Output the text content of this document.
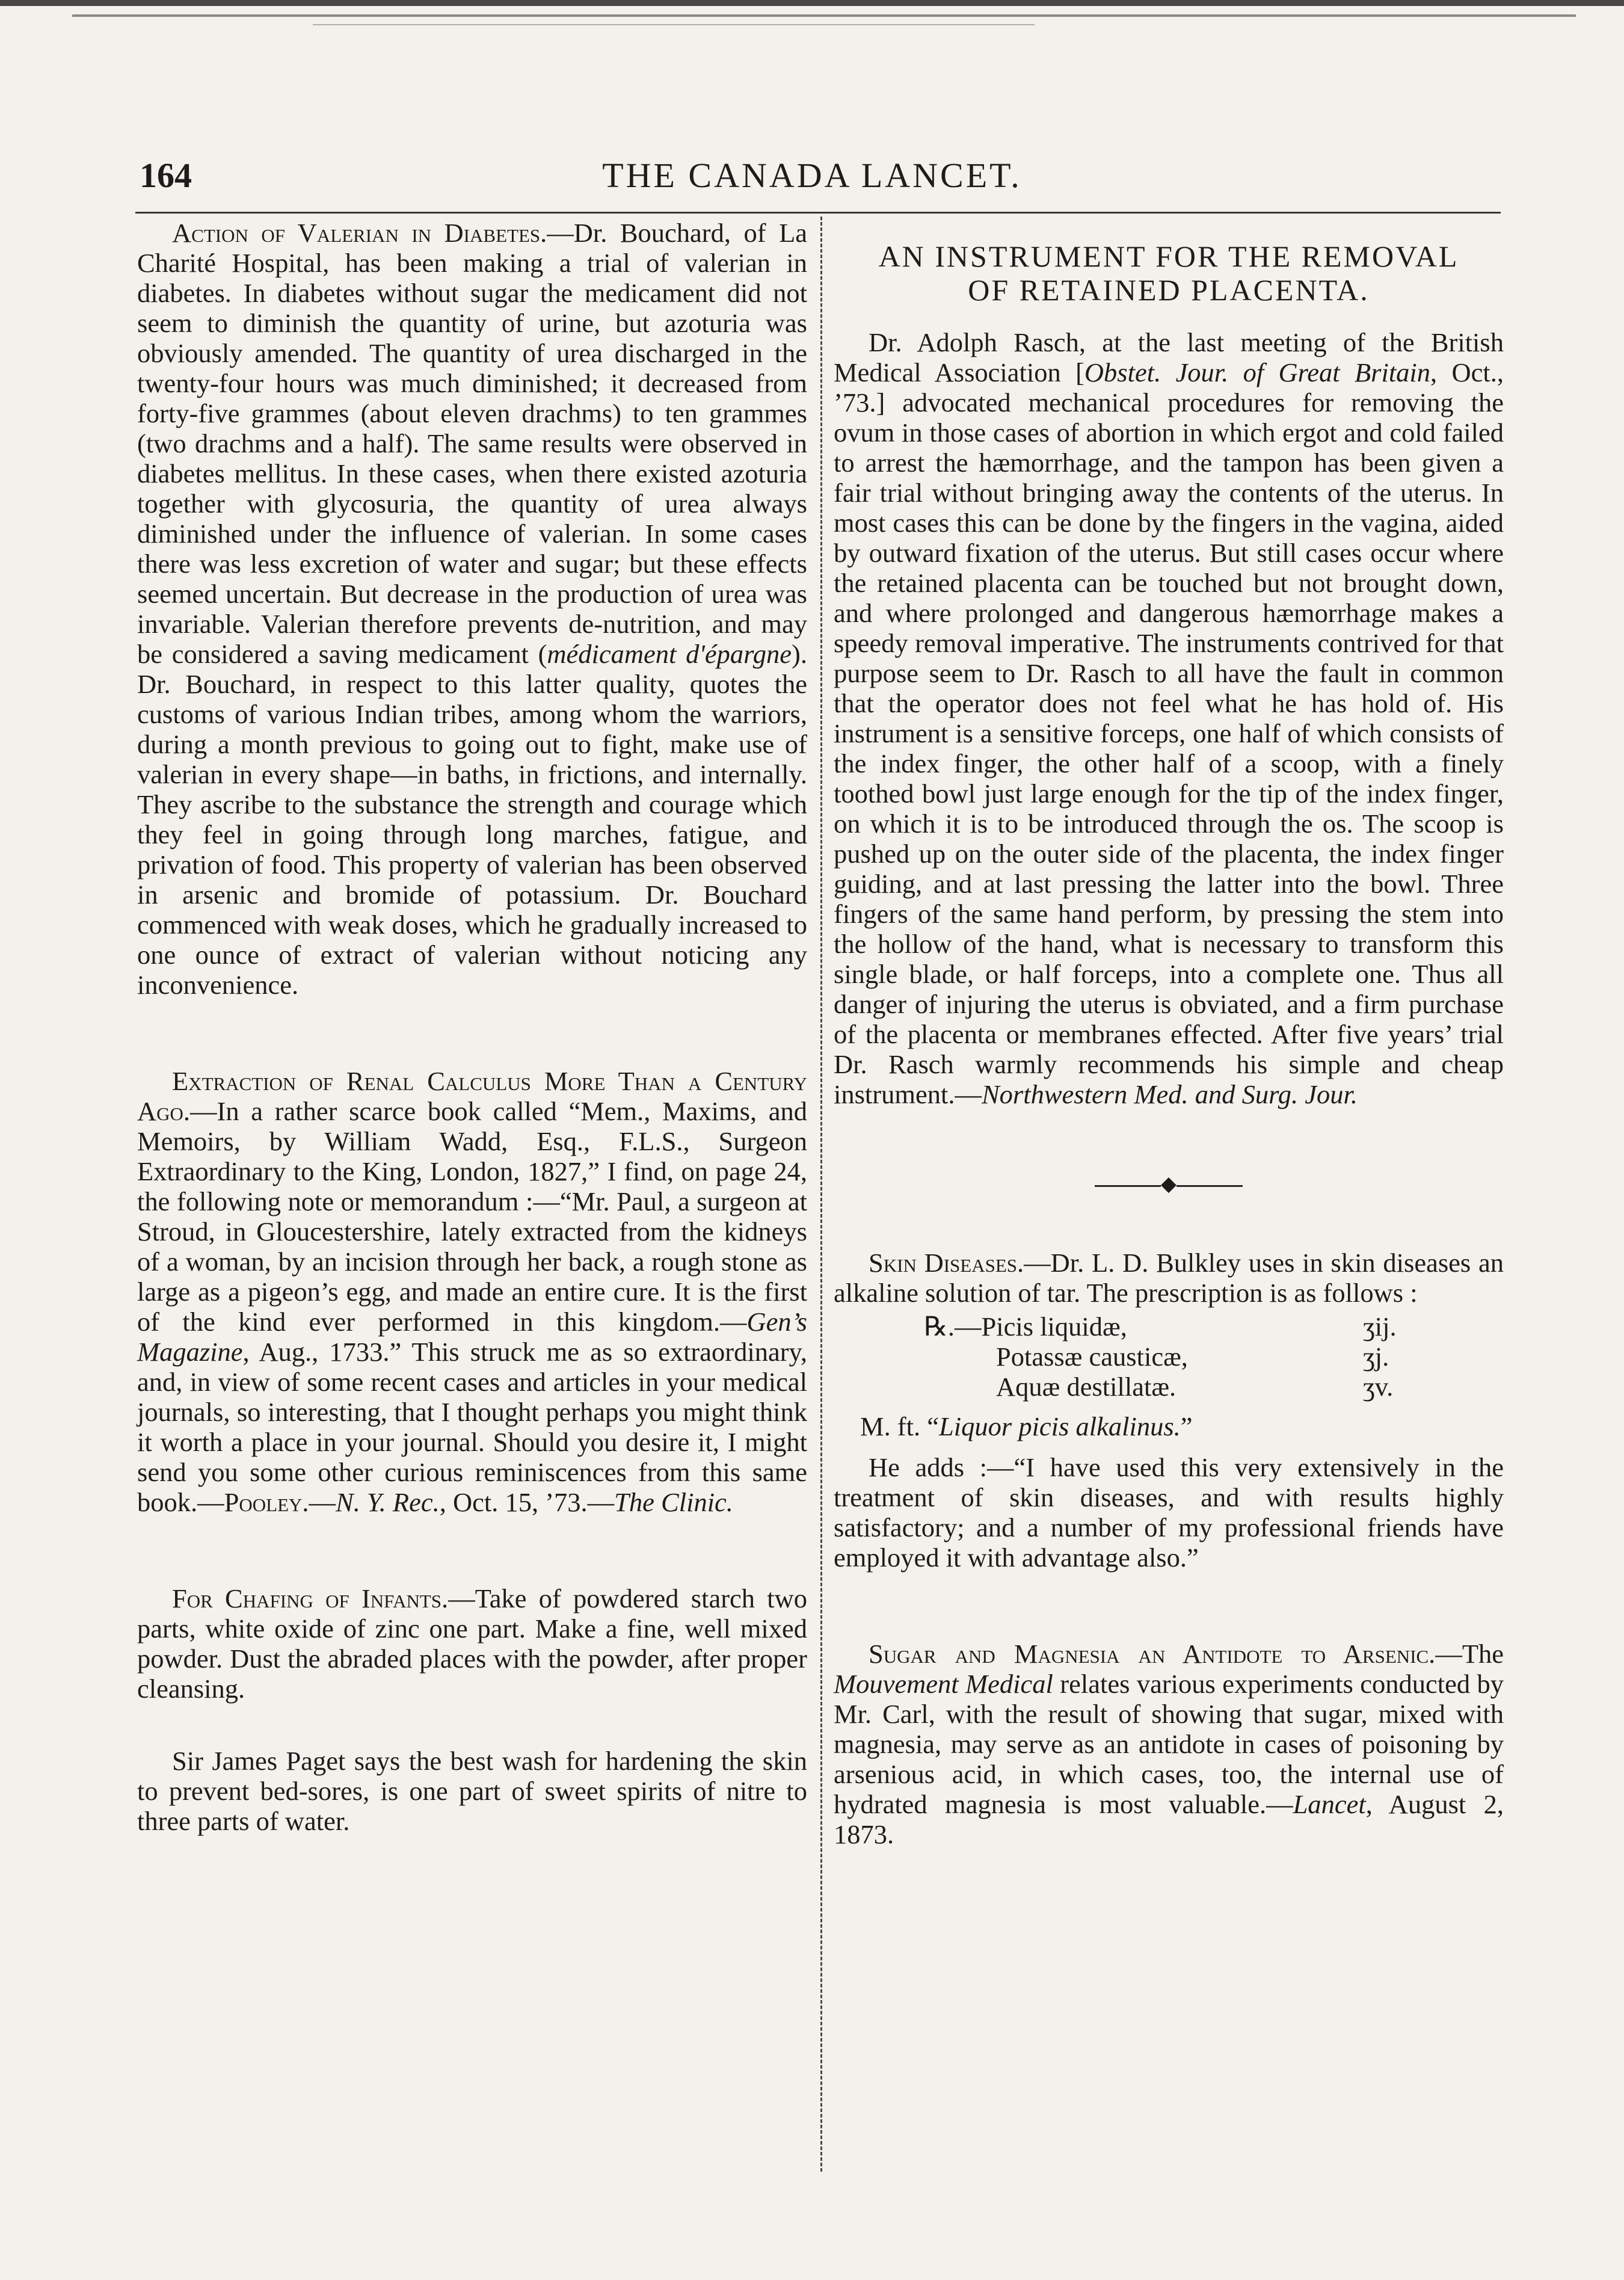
164	THE CANADA LANCET.

Action of Valerian in Diabetes.—Dr. Bouchard, of La Charité Hospital, has been making a trial of valerian in diabetes. In diabetes without sugar the medicament did not seem to diminish the quantity of urine, but azoturia was obviously amended. The quantity of urea discharged in the twenty-four hours was much diminished; it decreased from forty-five grammes (about eleven drachms) to ten grammes (two drachms and a half). The same results were observed in diabetes mellitus. In these cases, when there existed azoturia together with glycosuria, the quantity of urea always diminished under the influence of valerian. In some cases there was less excretion of water and sugar; but these effects seemed uncertain. But decrease in the production of urea was invariable. Valerian therefore prevents de-nutrition, and may be considered a saving medicament (médicament d'épargne). Dr. Bouchard, in respect to this latter quality, quotes the customs of various Indian tribes, among whom the warriors, during a month previous to going out to fight, make use of valerian in every shape—in baths, in frictions, and internally. They ascribe to the substance the strength and courage which they feel in going through long marches, fatigue, and privation of food. This property of valerian has been observed in arsenic and bromide of potassium. Dr. Bouchard commenced with weak doses, which he gradually increased to one ounce of extract of valerian without noticing any inconvenience.

Extraction of Renal Calculus More Than a Century Ago.—In a rather scarce book called “Mem., Maxims, and Memoirs, by William Wadd, Esq., F.L.S., Surgeon Extraordinary to the King, London, 1827,” I find, on page 24, the following note or memorandum :—“Mr. Paul, a surgeon at Stroud, in Gloucestershire, lately extracted from the kidneys of a woman, by an incision through her back, a rough stone as large as a pigeon’s egg, and made an entire cure. It is the first of the kind ever performed in this kingdom.—Gen’s Magazine, Aug., 1733.” This struck me as so extraordinary, and, in view of some recent cases and articles in your medical journals, so interesting, that I thought perhaps you might think it worth a place in your journal. Should you desire it, I might send you some other curious reminiscences from this same book.—Pooley.—N. Y. Rec., Oct. 15, ’73.—The Clinic.

For Chafing of Infants.—Take of powdered starch two parts, white oxide of zinc one part. Make a fine, well mixed powder. Dust the abraded places with the powder, after proper cleansing.

Sir James Paget says the best wash for hardening the skin to prevent bed-sores, is one part of sweet spirits of nitre to three parts of water.

AN INSTRUMENT FOR THE REMOVAL
OF RETAINED PLACENTA.

Dr. Adolph Rasch, at the last meeting of the British Medical Association [Obstet. Jour. of Great Britain, Oct., ’73.] advocated mechanical procedures for removing the ovum in those cases of abortion in which ergot and cold failed to arrest the hæmorrhage, and the tampon has been given a fair trial without bringing away the contents of the uterus. In most cases this can be done by the fingers in the vagina, aided by outward fixation of the uterus. But still cases occur where the retained placenta can be touched but not brought down, and where prolonged and dangerous hæmorrhage makes a speedy removal imperative. The instruments contrived for that purpose seem to Dr. Rasch to all have the fault in common that the operator does not feel what he has hold of. His instrument is a sensitive forceps, one half of which consists of the index finger, the other half of a scoop, with a finely toothed bowl just large enough for the tip of the index finger, on which it is to be introduced through the os. The scoop is pushed up on the outer side of the placenta, the index finger guiding, and at last pressing the latter into the bowl. Three fingers of the same hand perform, by pressing the stem into the hollow of the hand, what is necessary to transform this single blade, or half forceps, into a complete one. Thus all danger of injuring the uterus is obviated, and a firm purchase of the placenta or membranes effected. After five years’ trial Dr. Rasch warmly recommends his simple and cheap instrument.—Northwestern Med. and Surg. Jour.

◆

Skin Diseases.—Dr. L. D. Bulkley uses in skin diseases an alkaline solution of tar. The prescription is as follows :

℞.—Picis liquidæ,	ʒij.
Potassæ causticæ,	ʒj.
Aquæ destillatæ.	ʒv.
M. ft. “Liquor picis alkalinus.”

He adds :—“I have used this very extensively in the treatment of skin diseases, and with results highly satisfactory; and a number of my professional friends have employed it with advantage also.”

Sugar and Magnesia an Antidote to Arsenic.—The Mouvement Medical relates various experiments conducted by Mr. Carl, with the result of showing that sugar, mixed with magnesia, may serve as an antidote in cases of poisoning by arsenious acid, in which cases, too, the internal use of hydrated magnesia is most valuable.—Lancet, August 2, 1873.
